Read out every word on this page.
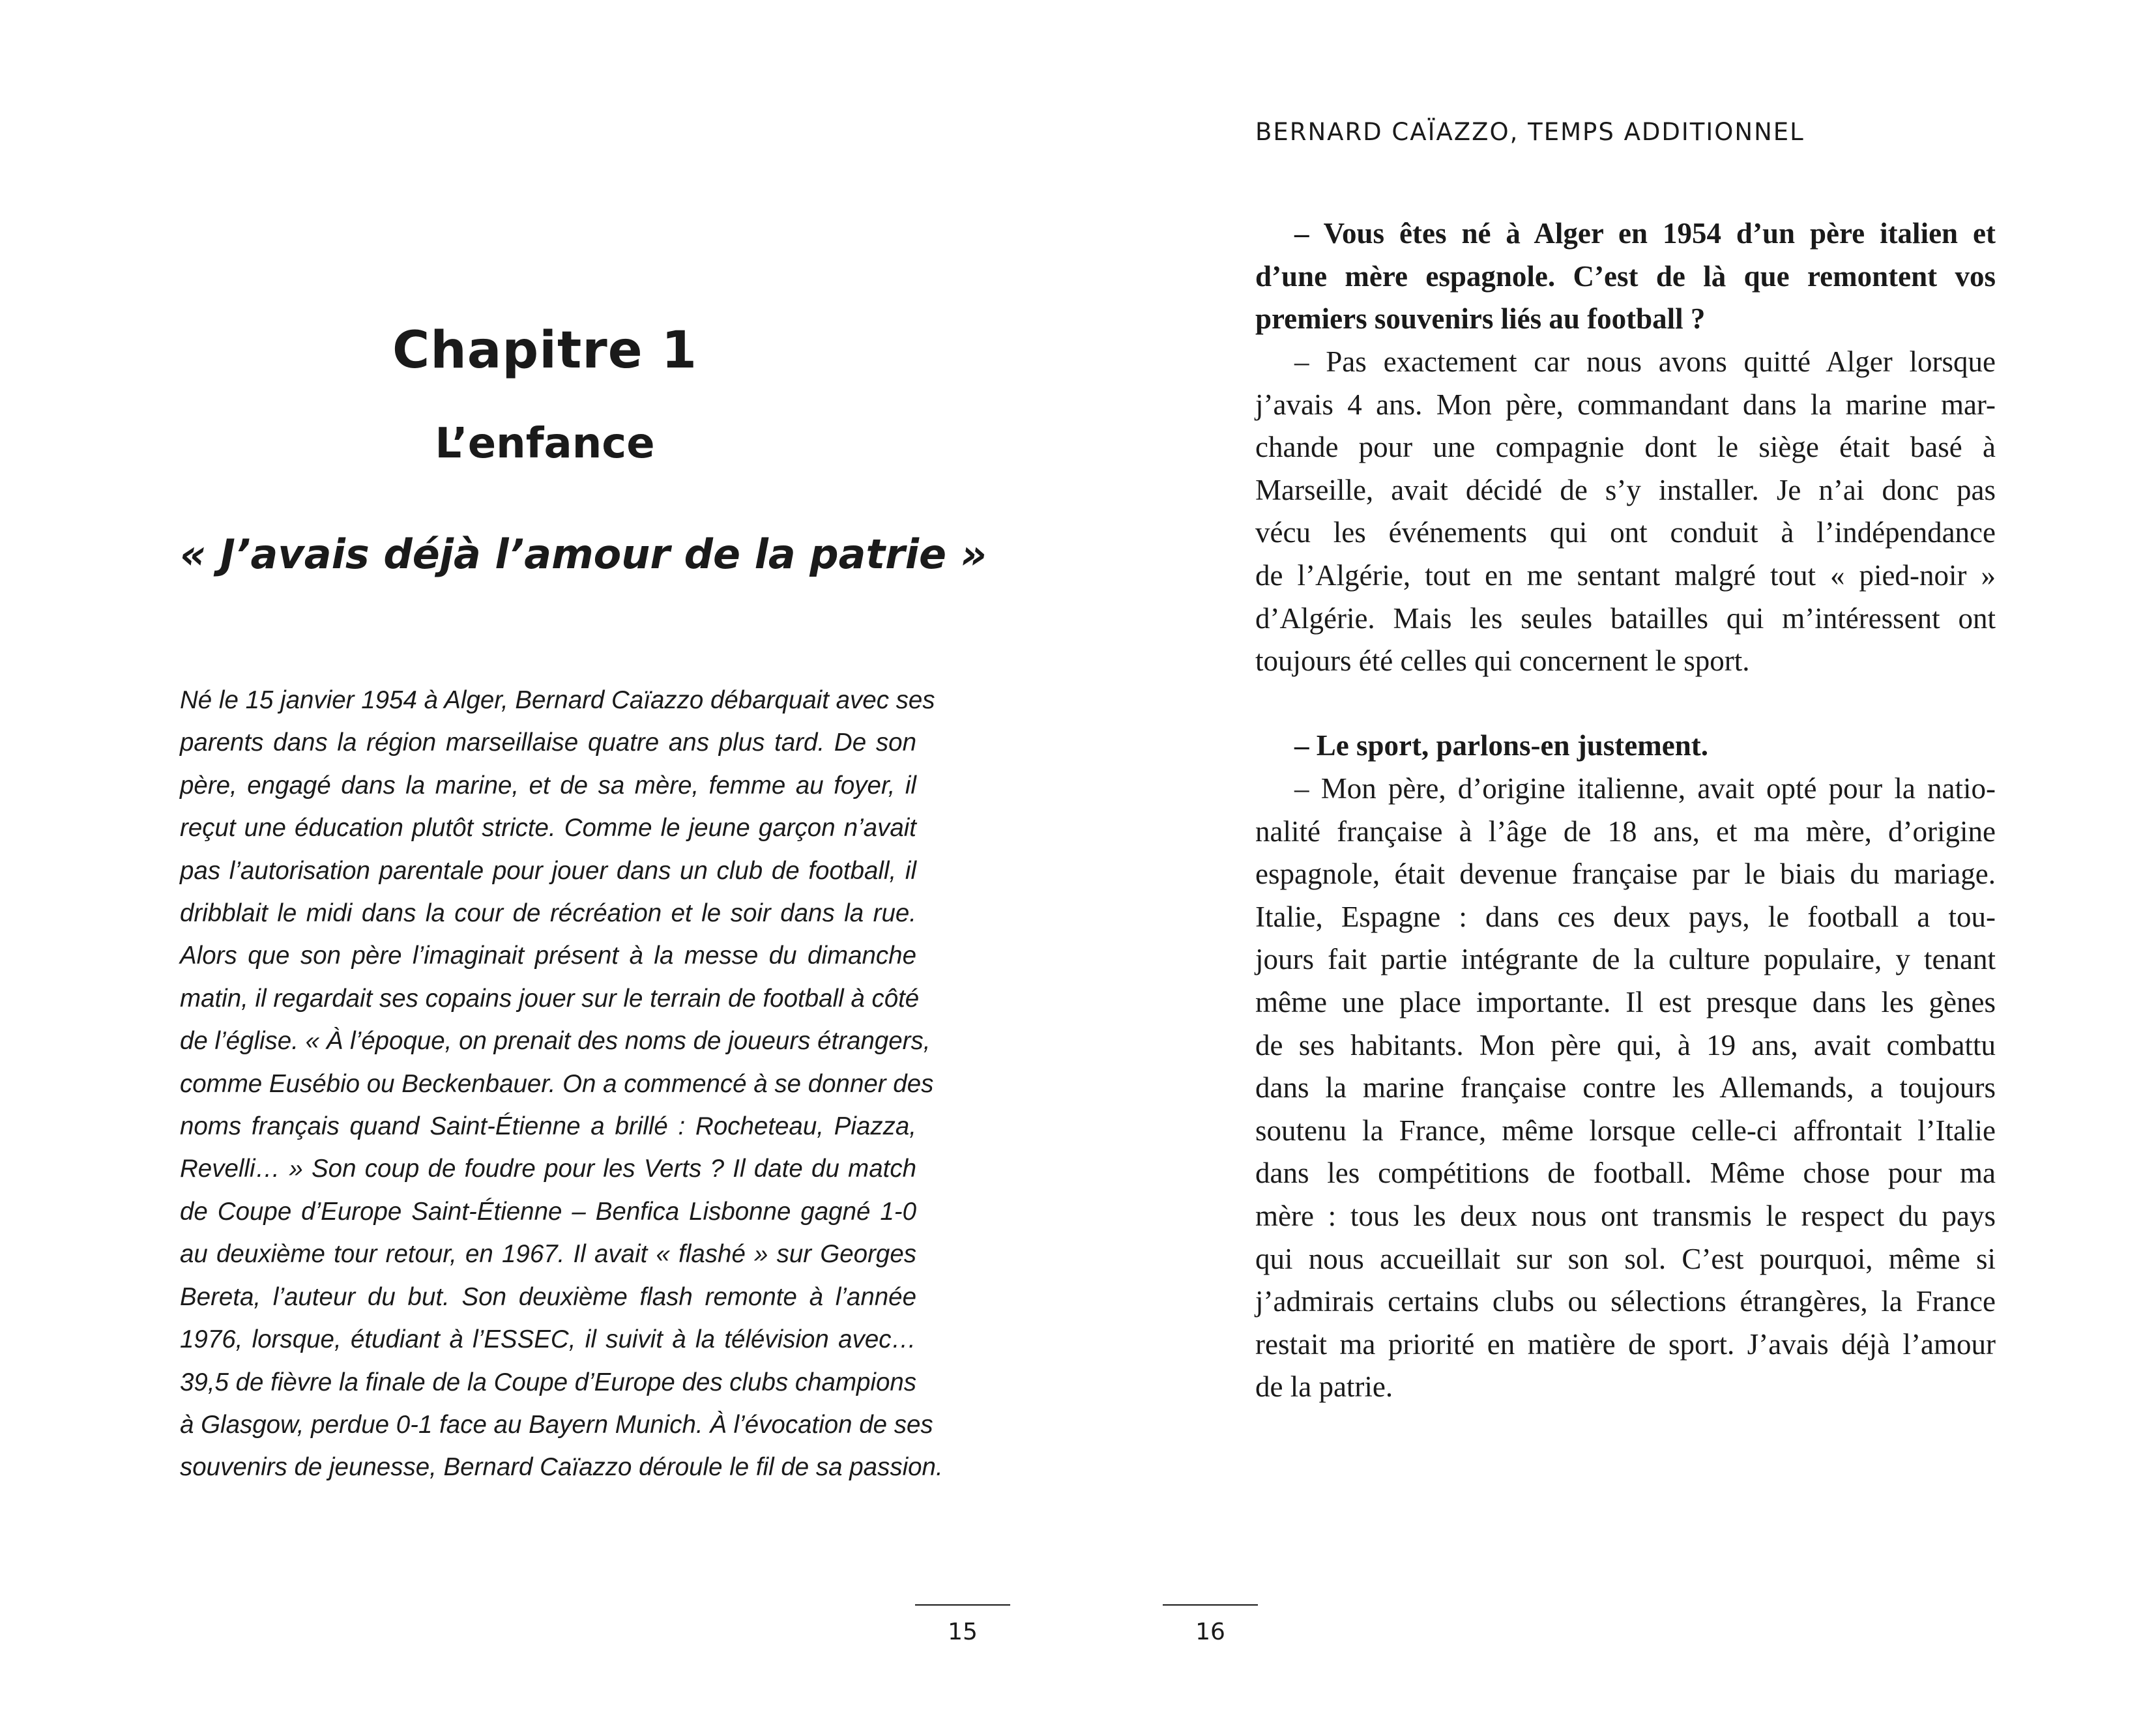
Chapitre 1
L’enfance
« J’avais déjà l’amour de la patrie »
Né le 15 janvier 1954 à Alger, Bernard Caïazzo débarquait avec ses
parents dans la région marseillaise quatre ans plus tard. De son
père, engagé dans la marine, et de sa mère, femme au foyer, il
reçut une éducation plutôt stricte. Comme le jeune garçon n’avait
pas l’autorisation parentale pour jouer dans un club de football, il
dribblait le midi dans la cour de récréation et le soir dans la rue.
Alors que son père l’imaginait présent à la messe du dimanche
matin, il regardait ses copains jouer sur le terrain de football à côté
de l’église. « À l’époque, on prenait des noms de joueurs étrangers,
comme Eusébio ou Beckenbauer. On a commencé à se donner des
noms français quand Saint-Étienne a brillé : Rocheteau, Piazza,
Revelli… » Son coup de foudre pour les Verts ? Il date du match
de Coupe d’Europe Saint-Étienne – Benfica Lisbonne gagné 1-0
au deuxième tour retour, en 1967. Il avait « flashé » sur Georges
Bereta, l’auteur du but. Son deuxième flash remonte à l’année
1976, lorsque, étudiant à l’ESSEC, il suivit à la télévision avec…
39,5 de fièvre la finale de la Coupe d’Europe des clubs champions
à Glasgow, perdue 0-1 face au Bayern Munich. À l’évocation de ses
souvenirs de jeunesse, Bernard Caïazzo déroule le fil de sa passion.

15

BERNARD CAÏAZZO, TEMPS ADDITIONNEL

– Vous êtes né à Alger en 1954 d’un père italien et
d’une mère espagnole. C’est de là que remontent vos
premiers souvenirs liés au football ?
– Pas exactement car nous avons quitté Alger lorsque
j’avais 4 ans. Mon père, commandant dans la marine mar-
chande pour une compagnie dont le siège était basé à
Marseille, avait décidé de s’y installer. Je n’ai donc pas
vécu les événements qui ont conduit à l’indépendance
de l’Algérie, tout en me sentant malgré tout « pied-noir »
d’Algérie. Mais les seules batailles qui m’intéressent ont
toujours été celles qui concernent le sport.
– Le sport, parlons-en justement.
– Mon père, d’origine italienne, avait opté pour la natio-
nalité française à l’âge de 18 ans, et ma mère, d’origine
espagnole, était devenue française par le biais du mariage.
Italie, Espagne : dans ces deux pays, le football a tou-
jours fait partie intégrante de la culture populaire, y tenant
même une place importante. Il est presque dans les gènes
de ses habitants. Mon père qui, à 19 ans, avait combattu
dans la marine française contre les Allemands, a toujours
soutenu la France, même lorsque celle-ci affrontait l’Italie
dans les compétitions de football. Même chose pour ma
mère : tous les deux nous ont transmis le respect du pays
qui nous accueillait sur son sol. C’est pourquoi, même si
j’admirais certains clubs ou sélections étrangères, la France
restait ma priorité en matière de sport. J’avais déjà l’amour
de la patrie.

16
